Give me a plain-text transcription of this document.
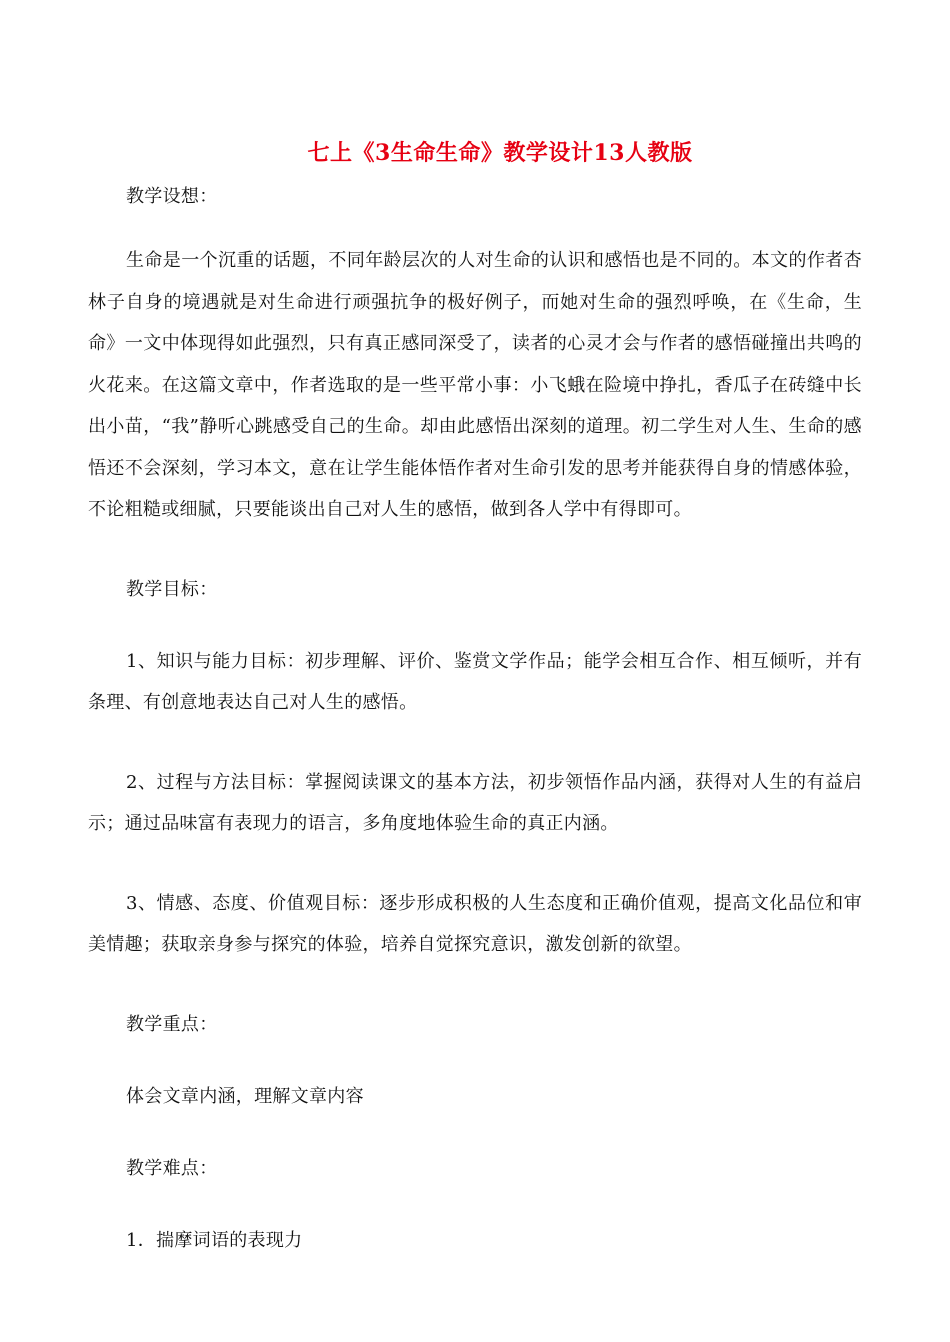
七上《3生命生命》教学设计13人教版

教学设想：

生命是一个沉重的话题，不同年龄层次的人对生命的认识和感悟也是不同的。本文的作者杏林子自身的境遇就是对生命进行顽强抗争的极好例子，而她对生命的强烈呼唤，在《生命，生命》一文中体现得如此强烈，只有真正感同深受了，读者的心灵才会与作者的感悟碰撞出共鸣的火花来。在这篇文章中，作者选取的是一些平常小事：小飞蛾在险境中挣扎，香瓜子在砖缝中长出小苗，“我”静听心跳感受自己的生命。却由此感悟出深刻的道理。初二学生对人生、生命的感悟还不会深刻，学习本文，意在让学生能体悟作者对生命引发的思考并能获得自身的情感体验，不论粗糙或细腻，只要能谈出自己对人生的感悟，做到各人学中有得即可。

教学目标：

1、知识与能力目标：初步理解、评价、鉴赏文学作品；能学会相互合作、相互倾听，并有条理、有创意地表达自己对人生的感悟。

2、过程与方法目标：掌握阅读课文的基本方法，初步领悟作品内涵，获得对人生的有益启示；通过品味富有表现力的语言，多角度地体验生命的真正内涵。

3、情感、态度、价值观目标：逐步形成积极的人生态度和正确价值观，提高文化品位和审美情趣；获取亲身参与探究的体验，培养自觉探究意识，激发创新的欲望。

教学重点：

体会文章内涵，理解文章内容

教学难点：

1．揣摩词语的表现力
